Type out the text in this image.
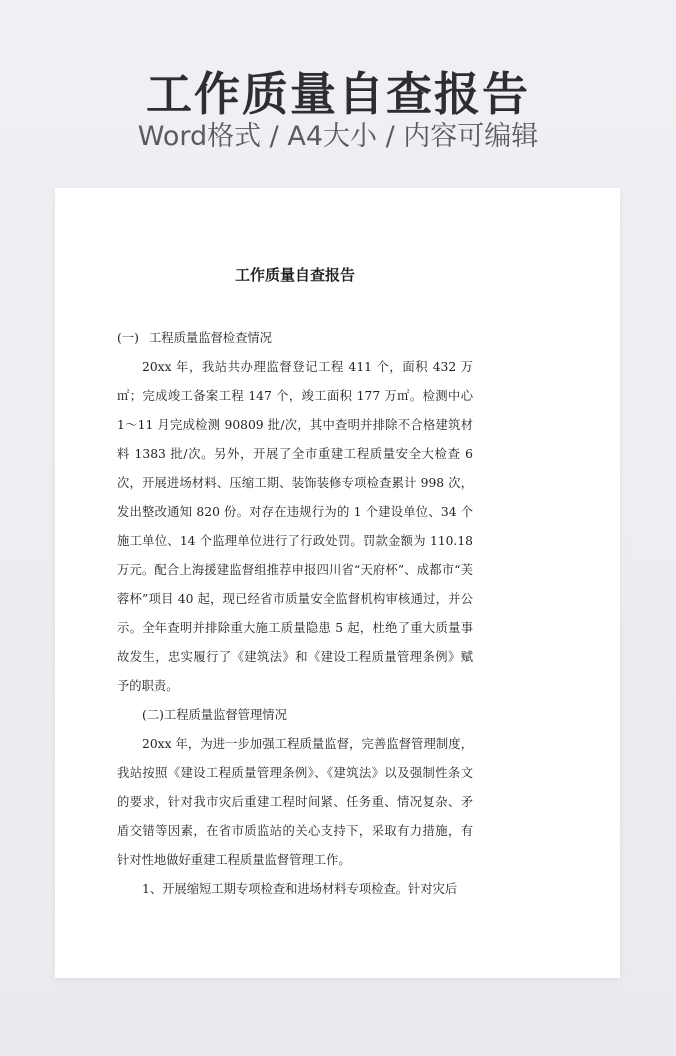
工作质量自查报告
Word格式 / A4大小 / 内容可编辑
工作质量自查报告

(一) 工程质量监督检查情况

20xx 年，我站共办理监督登记工程 411 个，面积 432 万㎡；完成竣工备案工程 147 个，竣工面积 177 万㎡。检测中心 1～11 月完成检测 90809 批/次，其中查明并排除不合格建筑材料 1383 批/次。另外，开展了全市重建工程质量安全大检查 6 次，开展进场材料、压缩工期、装饰装修专项检查累计 998 次，发出整改通知 820 份。对存在违规行为的 1 个建设单位、34 个施工单位、14 个监理单位进行了行政处罚。罚款金额为 110.18 万元。配合上海援建监督组推荐申报四川省“天府杯”、成都市“芙蓉杯”项目 40 起，现已经省市质量安全监督机构审核通过，并公示。全年查明并排除重大施工质量隐患 5 起，杜绝了重大质量事故发生，忠实履行了《建筑法》和《建设工程质量管理条例》赋予的职责。

(二)工程质量监督管理情况

20xx 年，为进一步加强工程质量监督，完善监督管理制度，我站按照《建设工程质量管理条例》、《建筑法》以及强制性条文的要求，针对我市灾后重建工程时间紧、任务重、情况复杂、矛盾交错等因素，在省市质监站的关心支持下，采取有力措施，有针对性地做好重建工程质量监督管理工作。

1、开展缩短工期专项检查和进场材料专项检查。针对灾后
